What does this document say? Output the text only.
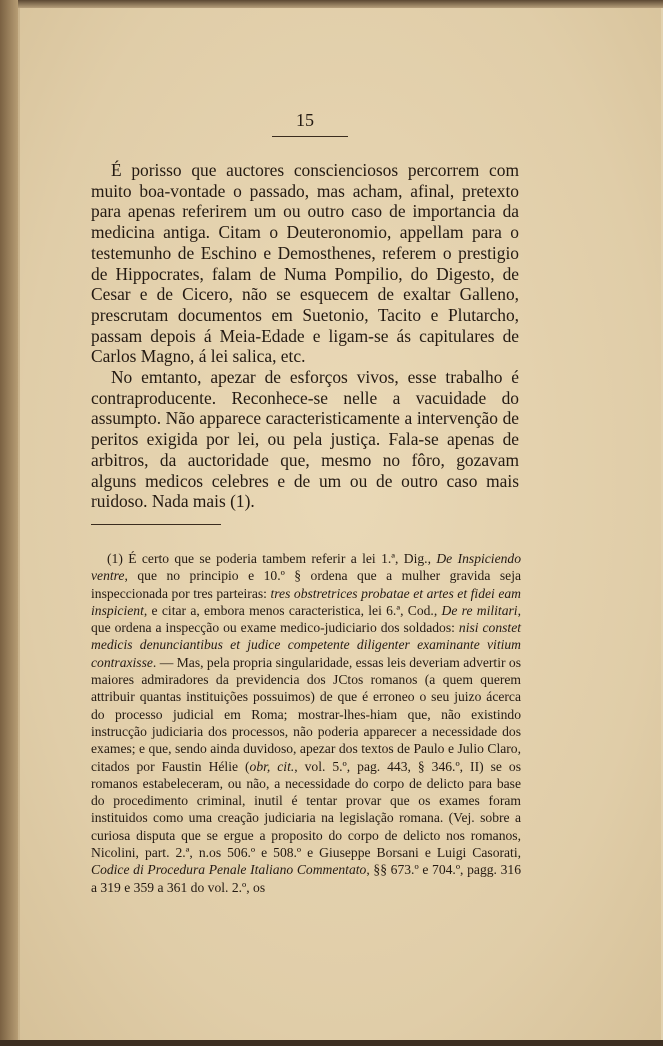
15

É porisso que auctores conscienciosos percorrem com muito boa-vontade o passado, mas acham, afinal, pretexto para apenas referirem um ou outro caso de importancia da medicina antiga. Citam o Deuteronomio, appellam para o testemunho de Eschino e Demosthenes, referem o prestigio de Hippocrates, falam de Numa Pompilio, do Digesto, de Cesar e de Cicero, não se esquecem de exaltar Galleno, prescrutam documentos em Suetonio, Tacito e Plutarcho, passam depois á Meia-Edade e ligam-se ás capitulares de Carlos Magno, á lei salica, etc.

No emtanto, apezar de esforços vivos, esse trabalho é contraproducente. Reconhece-se nelle a vacuidade do assumpto. Não apparece caracteristicamente a intervenção de peritos exigida por lei, ou pela justiça. Fala-se apenas de arbitros, da auctoridade que, mesmo no fôro, gozavam alguns medicos celebres e de um ou de outro caso mais ruidoso. Nada mais (1).

(1) É certo que se poderia tambem referir a lei 1.ª, Dig., De Inspiciendo ventre, que no principio e 10.º § ordena que a mulher gravida seja inspeccionada por tres parteiras: tres obstretrices probatae et artes et fidei eam inspicient, e citar a, embora menos caracteristica, lei 6.ª, Cod., De re militari, que ordena a inspecção ou exame medico-judiciario dos soldados: nisi constet medicis denunciantibus et judice competente diligenter examinante vitium contraxisse. — Mas, pela propria singularidade, essas leis deveriam advertir os maiores admiradores da previdencia dos JCtos romanos (a quem querem attribuir quantas instituições possuimos) de que é erroneo o seu juizo ácerca do processo judicial em Roma; mostrar-lhes-hiam que, não existindo instrucção judiciaria dos processos, não poderia apparecer a necessidade dos exames; e que, sendo ainda duvidoso, apezar dos textos de Paulo e Julio Claro, citados por Faustin Hélie (obr, cit., vol. 5.º, pag. 443, § 346.º, II) se os romanos estabeleceram, ou não, a necessidade do corpo de delicto para base do procedimento criminal, inutil é tentar provar que os exames foram instituidos como uma creação judiciaria na legislação romana. (Vej. sobre a curiosa disputa que se ergue a proposito do corpo de delicto nos romanos, Nicolini, part. 2.ª, n.os 506.º e 508.º e Giuseppe Borsani e Luigi Casorati, Codice di Procedura Penale Italiano Commentato, §§ 673.º e 704.º, pagg. 316 a 319 e 359 a 361 do vol. 2.º, os
